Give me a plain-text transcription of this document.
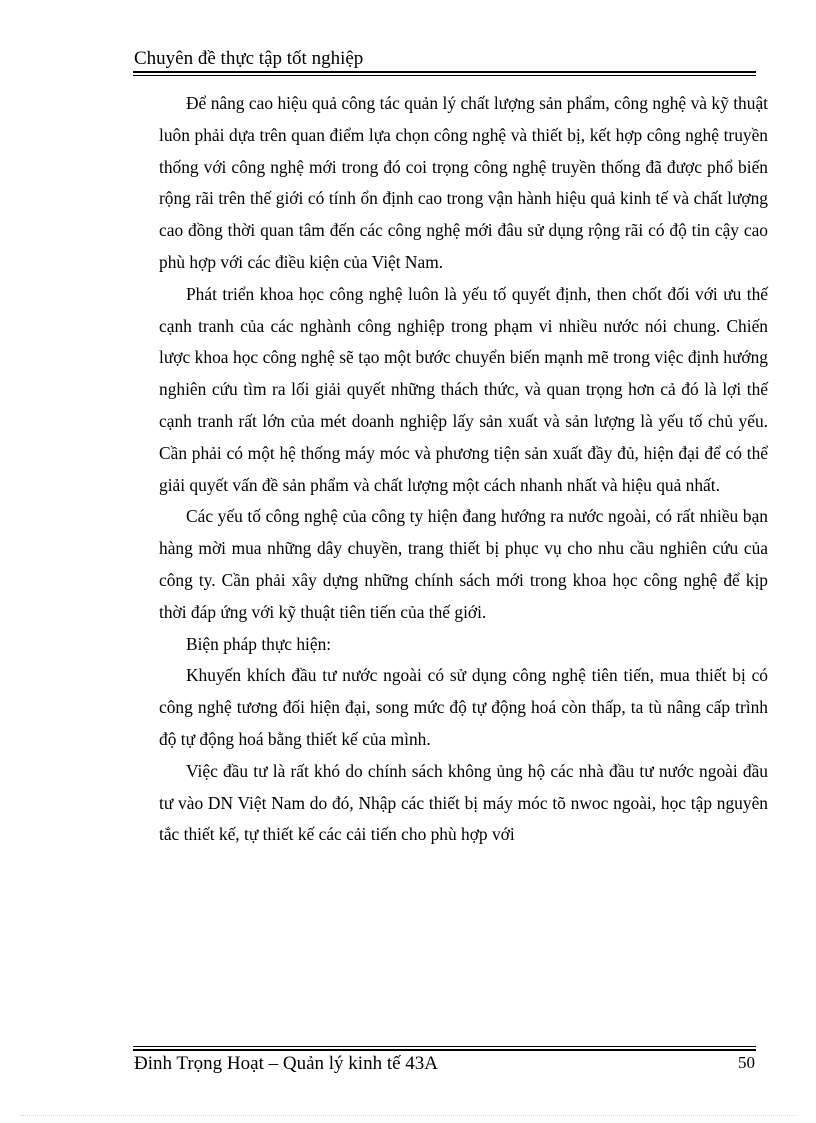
Chuyên đề thực tập tốt nghiệp

Để nâng cao hiệu quả công tác quản lý chất lượng sản phẩm, công nghệ và kỹ thuật luôn phải dựa trên quan điểm lựa chọn công nghệ và thiết bị, kết hợp công nghệ truyền thống với công nghệ mới trong đó coi trọng công nghệ truyền thống đã được phổ biến rộng rãi trên thế giới có tính ổn định cao trong vận hành hiệu quả kinh tế và chất lượng cao đồng thời quan tâm đến các công nghệ mới đâu sử dụng rộng rãi có độ tin cậy cao phù hợp với các điều kiện của Việt Nam.

Phát triển khoa học công nghệ luôn là yếu tố quyết định, then chốt đối với ưu thế cạnh tranh của các nghành công nghiệp trong phạm vi nhiều nước nói chung. Chiến lược khoa học công nghệ sẽ tạo một bước chuyển biến mạnh mẽ trong việc định hướng nghiên cứu tìm ra lối giải quyết những thách thức, và quan trọng hơn cả đó là lợi thế cạnh tranh rất lớn của mét doanh nghiệp lấy sản xuất và sản lượng là yếu tố chủ yếu. Cần phải có một hệ thống máy móc và phương tiện sản xuất đầy đủ, hiện đại để có thể giải quyết vấn đề sản phẩm và chất lượng một cách nhanh nhất và hiệu quả nhất.

Các yếu tố công nghệ của công ty hiện đang hướng ra nước ngoài, có rất nhiều bạn hàng mời mua những dây chuyền, trang thiết bị phục vụ cho nhu cầu nghiên cứu của công ty. Cần phải xây dựng những chính sách mới trong khoa học công nghệ để kịp thời đáp ứng với kỹ thuật tiên tiến của thế giới.

Biện pháp thực hiện:

Khuyến khích đầu tư nước ngoài có sử dụng công nghệ tiên tiến, mua thiết bị có công nghệ tương đối hiện đại, song mức độ tự động hoá còn thấp, ta tù nâng cấp trình độ tự động hoá bằng thiết kế của mình.

Việc đầu tư là rất khó do chính sách không ủng hộ các nhà đầu tư nước ngoài đầu tư vào DN Việt Nam do đó, Nhập các thiết bị máy móc tõ nwoc ngoài, học tập nguyên tắc thiết kế, tự thiết kế các cải tiến cho phù hợp với

Đinh Trọng Hoạt – Quản lý kinh tế 43A	50
